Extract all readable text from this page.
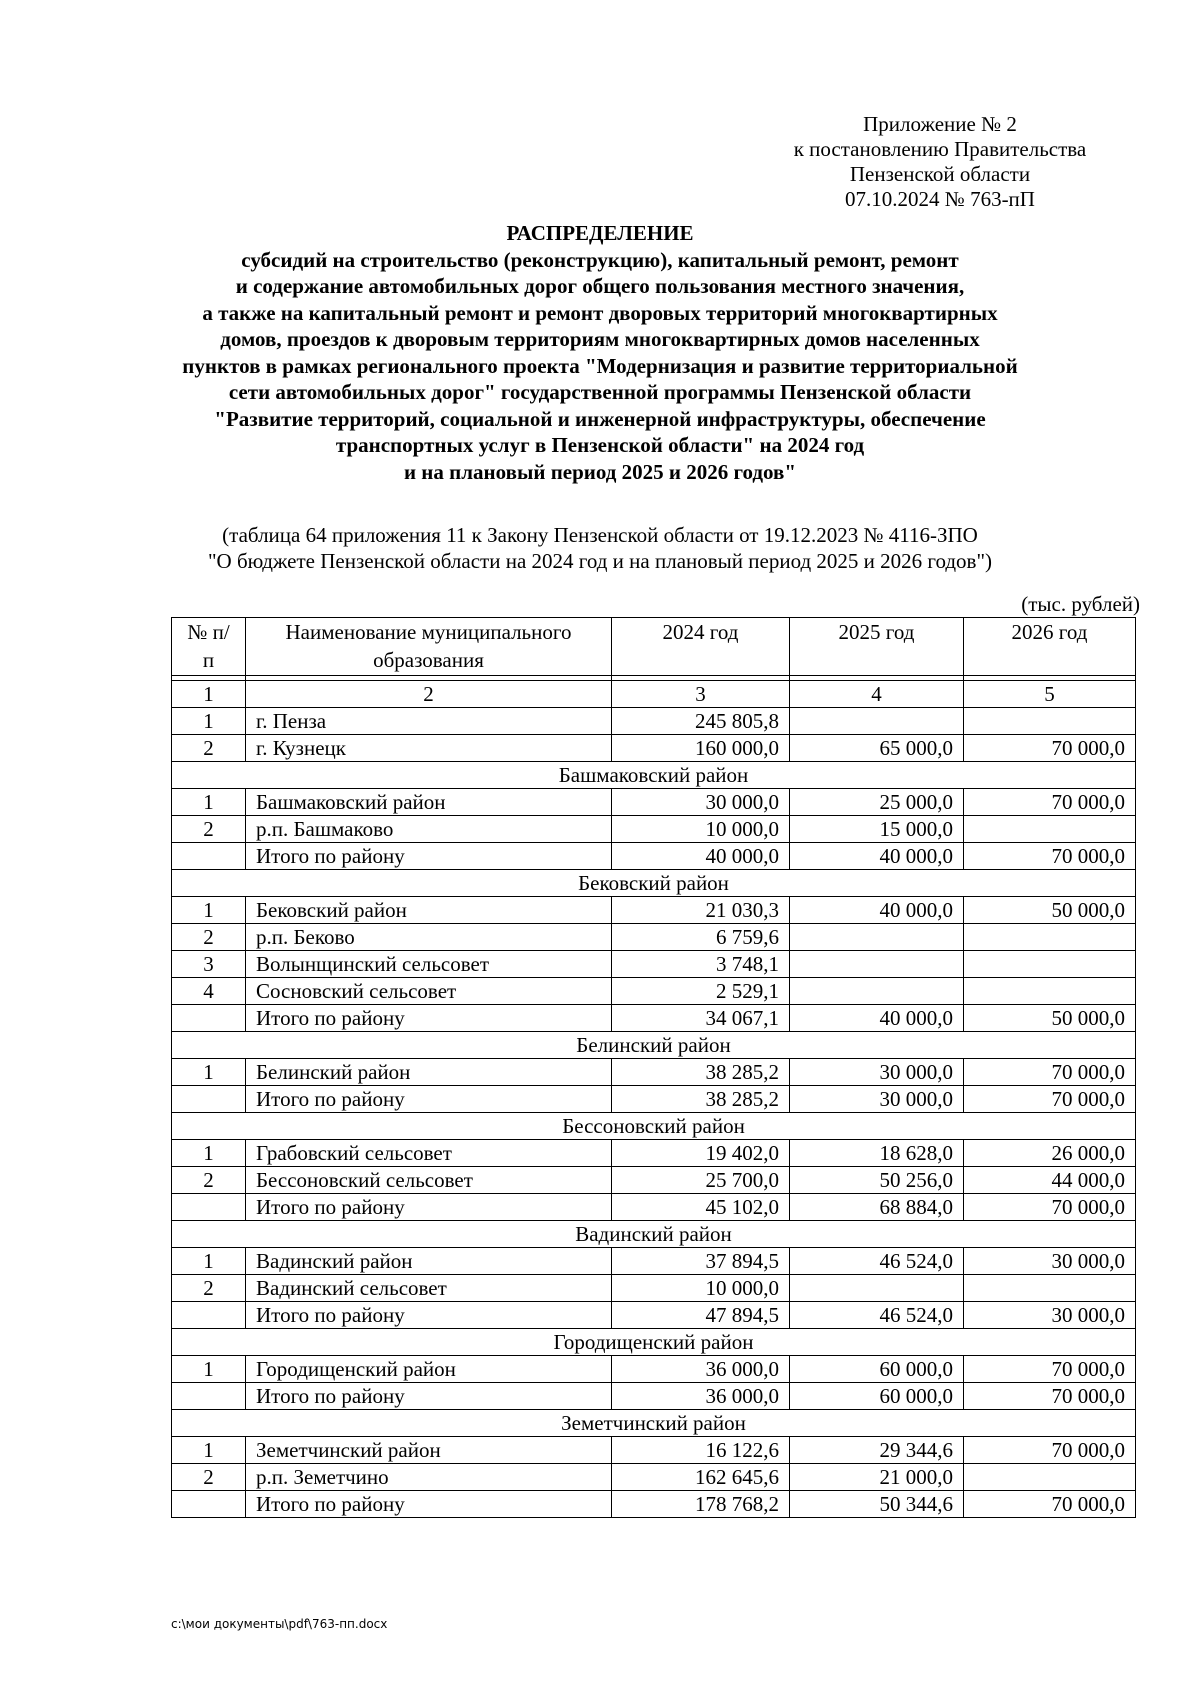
Приложение № 2
к постановлению Правительства
Пензенской области
07.10.2024 № 763-пП
РАСПРЕДЕЛЕНИЕ
субсидий на строительство (реконструкцию), капитальный ремонт, ремонт
и содержание автомобильных дорог общего пользования местного значения,
а также на капитальный ремонт и ремонт дворовых территорий многоквартирных
домов, проездов к дворовым территориям многоквартирных домов населенных
пунктов в рамках регионального проекта "Модернизация и развитие территориальной
сети автомобильных дорог" государственной программы Пензенской области
"Развитие территорий, социальной и инженерной инфраструктуры, обеспечение
транспортных услуг в Пензенской области" на 2024 год
и на плановый период 2025 и 2026 годов"
(таблица 64 приложения 11 к Закону Пензенской области от 19.12.2023 № 4116-ЗПО
"О бюджете Пензенской области на 2024 год и на плановый период 2025 и 2026 годов")
(тыс. рублей)
№ п/п	Наименование муниципального образования	2024 год	2025 год	2026 год

1	2	3	4	5
1	г. Пенза	245 805,8		
2	г. Кузнецк	160 000,0	65 000,0	70 000,0
Башмаковский район				
1	Башмаковский район	30 000,0	25 000,0	70 000,0
2	р.п. Башмаково	10 000,0	15 000,0	
	Итого по району	40 000,0	40 000,0	70 000,0
Бековский район				
1	Бековский район	21 030,3	40 000,0	50 000,0
2	р.п. Беково	6 759,6		
3	Волынщинский сельсовет	3 748,1		
4	Сосновский сельсовет	2 529,1		
	Итого по району	34 067,1	40 000,0	50 000,0
Белинский район				
1	Белинский район	38 285,2	30 000,0	70 000,0
	Итого по району	38 285,2	30 000,0	70 000,0
Бессоновский район				
1	Грабовский сельсовет	19 402,0	18 628,0	26 000,0
2	Бессоновский сельсовет	25 700,0	50 256,0	44 000,0
	Итого по району	45 102,0	68 884,0	70 000,0
Вадинский район				
1	Вадинский район	37 894,5	46 524,0	30 000,0
2	Вадинский сельсовет	10 000,0		
	Итого по району	47 894,5	46 524,0	30 000,0
Городищенский район				
1	Городищенский район	36 000,0	60 000,0	70 000,0
	Итого по району	36 000,0	60 000,0	70 000,0
Земетчинский район				
1	Земетчинский район	16 122,6	29 344,6	70 000,0
2	р.п. Земетчино	162 645,6	21 000,0	
	Итого по району	178 768,2	50 344,6	70 000,0
c:\мои документы\pdf\763-пп.docx
